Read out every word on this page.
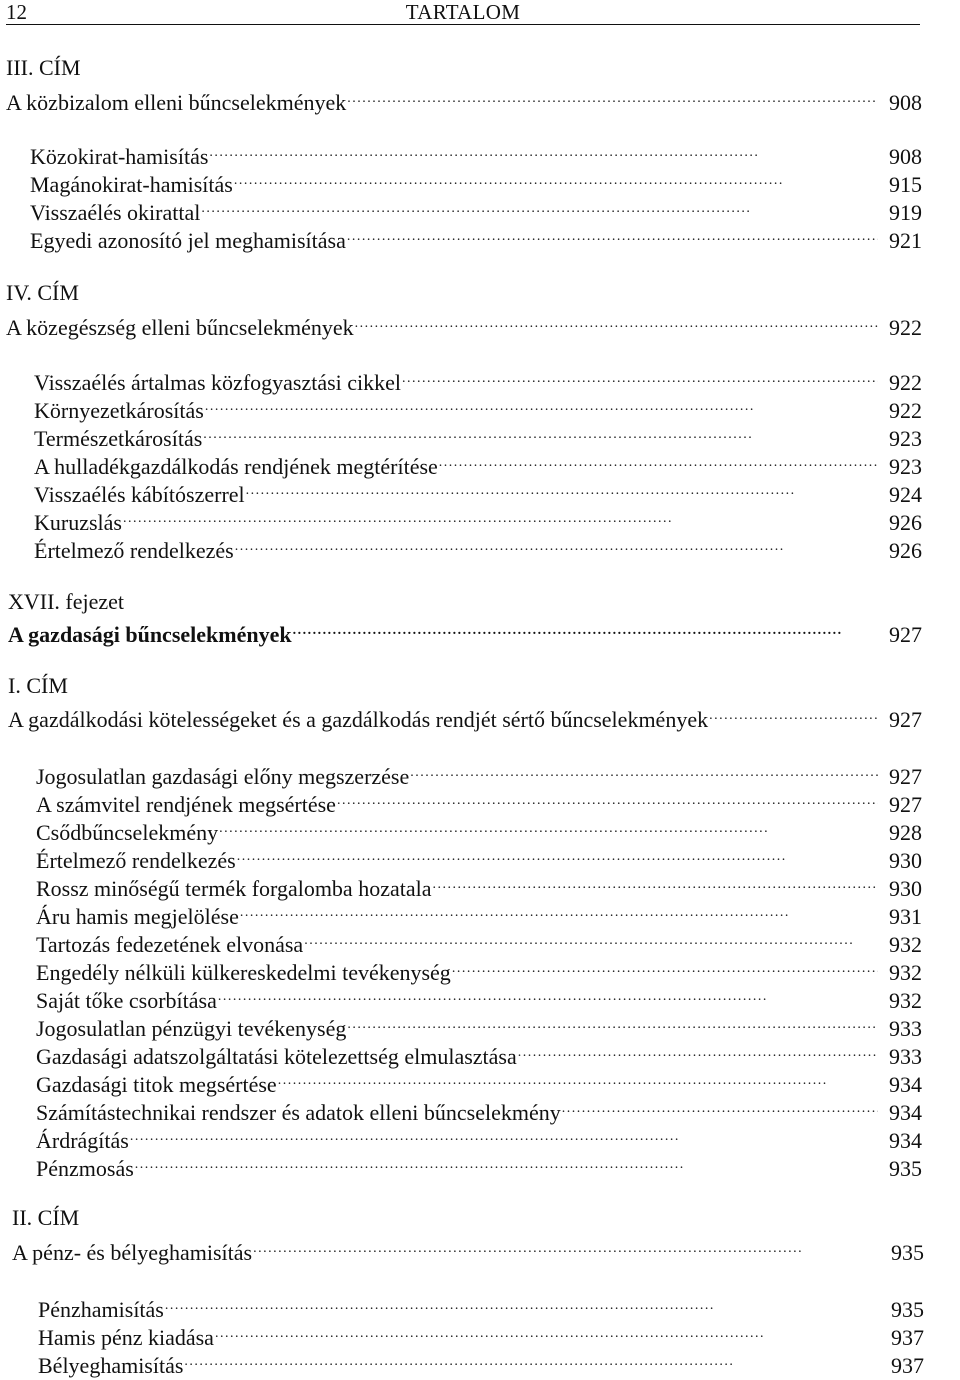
12	TARTALOM
III. CÍM
A közbizalom elleni bűncselekmények . . .	908
Közokirat-hamisítás . . .	908
Magánokirat-hamisítás . . .	915
Visszaélés okirattal . . .	919
Egyedi azonosító jel meghamisítása . . .	921
IV. CÍM
A közegészség elleni bűncselekmények . . .	922
Visszaélés ártalmas közfogyasztási cikkel . . .	922
Környezetkárosítás . . .	922
Természetkárosítás . . .	923
A hulladékgazdálkodás rendjének megtérítése . . .	923
Visszaélés kábítószerrel . . .	924
Kuruzslás . . .	926
Értelmező rendelkezés . . .	926
XVII. fejezet
A gazdasági bűncselekmények . . .	927
I. CÍM
A gazdálkodási kötelességeket és a gazdálkodás rendjét sértő bűncselekmények . . .	927
Jogosulatlan gazdasági előny megszerzése . . .	927
A számvitel rendjének megsértése . . .	927
Csődbűncselekmény . . .	928
Értelmező rendelkezés . . .	930
Rossz minőségű termék forgalomba hozatala . . .	930
Áru hamis megjelölése . . .	931
Tartozás fedezetének elvonása . . .	932
Engedély nélküli külkereskedelmi tevékenység . . .	932
Saját tőke csorbítása . . .	932
Jogosulatlan pénzügyi tevékenység . . .	933
Gazdasági adatszolgáltatási kötelezettség elmulasztása . . .	933
Gazdasági titok megsértése . . .	934
Számítástechnikai rendszer és adatok elleni bűncselekmény . . .	934
Árdrágítás . . .	934
Pénzmosás . . .	935
II. CÍM
A pénz- és bélyeghamisítás . . .	935
Pénzhamisítás . . .	935
Hamis pénz kiadása . . .	937
Bélyeghamisítás . . .	937
